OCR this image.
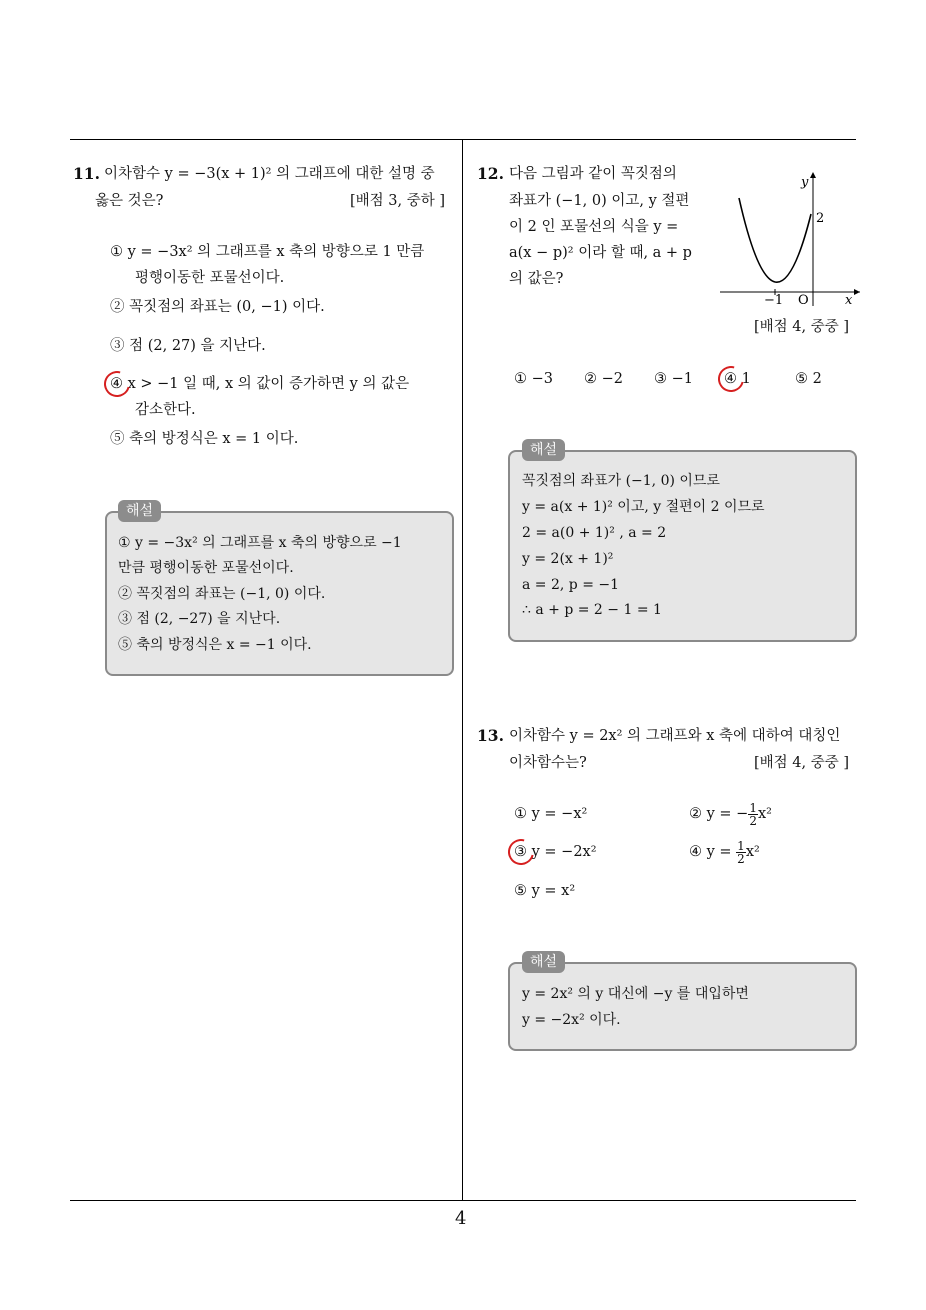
4
11. 이차함수 y = −3(x + 1)² 의 그래프에 대한 설명 중
옳은 것은?	[배점 3, 중하 ]
① y = −3x² 의 그래프를 x 축의 방향으로 1 만큼
평행이동한 포물선이다.
② 꼭짓점의 좌표는 (0, −1) 이다.
③ 점 (2, 27) 을 지난다.
④ x > −1 일 때, x 의 값이 증가하면 y 의 값은
감소한다.
⑤ 축의 방정식은 x = 1 이다.
해설
① y = −3x² 의 그래프를 x 축의 방향으로 −1
만큼 평행이동한 포물선이다.
② 꼭짓점의 좌표는 (−1, 0) 이다.
③ 점 (2, −27) 을 지난다.
⑤ 축의 방정식은 x = −1 이다.
12. 다음 그림과 같이 꼭짓점의
좌표가 (−1, 0) 이고, y 절편
이 2 인 포물선의 식을 y =
a(x − p)² 이라 할 때, a + p
의 값은?
y
x
2
−1 O
[배점 4, 중중 ]
① −3 ② −2 ③ −1 ④ 1	⑤ 2
해설
꼭짓점의 좌표가 (−1, 0) 이므로
y = a(x + 1)² 이고, y 절편이 2 이므로
2 = a(0 + 1)² , a = 2
y = 2(x + 1)²
a = 2, p = −1
∴ a + p = 2 − 1 = 1
13. 이차함수 y = 2x² 의 그래프와 x 축에 대하여 대칭인
이차함수는?	[배점 4, 중중 ]
① y = −x²	② y = − $\frac{1}{2} x^2$
③ y = −2x²	④ $y = \frac{1}{2} x^2$
⑤ y = x²
해설
y = 2x² 의 y 대신에 −y 를 대입하면
y = −2x² 이다.
